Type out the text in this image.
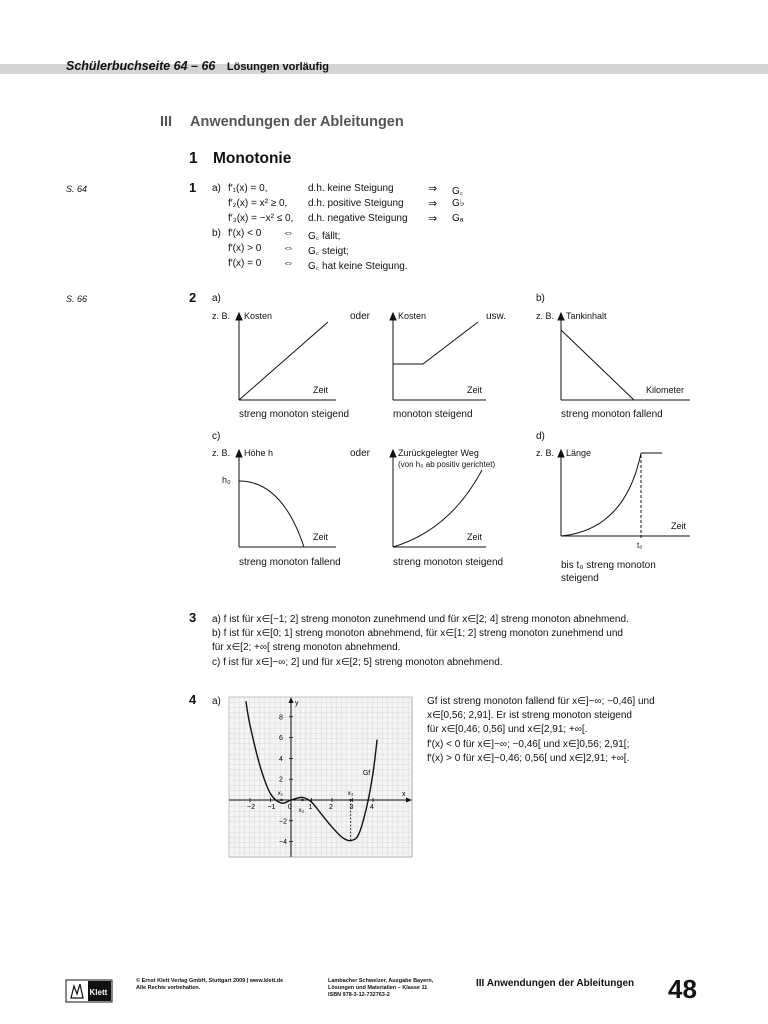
Schülerbuchseite 64 – 66 Lösungen vorläufig
III Anwendungen der Ableitungen
1 Monotonie
S. 64	1 a) f′₁(x) = 0,	d.h. keine Steigung	⇒ G꜀
f′₂(x) = x² ≥ 0, d.h. positive Steigung ⇒ G♭
f′₃(x) = −x² ≤ 0, d.h. negative Steigung ⇒ Gₐ
b) f′(x) < 0 ⇔ G꜀ fällt;
f′(x) > 0 ⇔ G꜀ steigt;
f′(x) = 0 ⇔ G꜀ hat keine Steigung.
S. 66	2 a)	b)
z. B.	oder	usw.	z. B.
Kosten
Zeit
streng monoton steigend
Kosten
Zeit
monoton steigend
Tankinhalt
Kilometer
streng monoton fallend
c)	d)
z. B.	oder	z. B.
Höhe h
h₀
Zeit
streng monoton fallend
Zurückgelegter Weg
(von h₀ ab positiv gerichtet)
Zeit
streng monoton steigend
Länge
Zeit
t₀
bis t₀ streng monoton
steigend
3 a) f ist für x∈[−1; 2] streng monoton zunehmend und für x∈[2; 4] streng monoton abnehmend.
b) f ist für x∈[0; 1] streng monoton abnehmend, für x∈[1; 2] streng monoton zunehmend und
für x∈[2; +∞[ streng monoton abnehmend.
c) f ist für x∈]−∞; 2] und für x∈[2; 5] streng monoton abnehmend.
4 a)
x
y
−2 −1 0 1 2 3 4
−4
−2
2
4
6
8
x₁
x₂
x₃
Gf
Gf ist streng monoton fallend für x∈]−∞; −0,46] und
x∈[0,56; 2,91]. Er ist streng monoton steigend
für x∈[0,46; 0,56] und x∈[2,91; +∞[.
f′(x) < 0 für x∈]−∞; −0,46[ und x∈]0,56; 2,91[;
f′(x) > 0 für x∈]−0,46; 0,56[ und x∈]2,91; +∞[.
Klett
© Ernst Klett Verlag GmbH, Stuttgart 2009 | www.klett.de
Alle Rechte vorbehalten.
Lambacher Schweizer, Ausgabe Bayern,
Lösungen und Materialien – Klasse 11
ISBN 978-3-12-732763-2
III Anwendungen der Ableitungen 48
